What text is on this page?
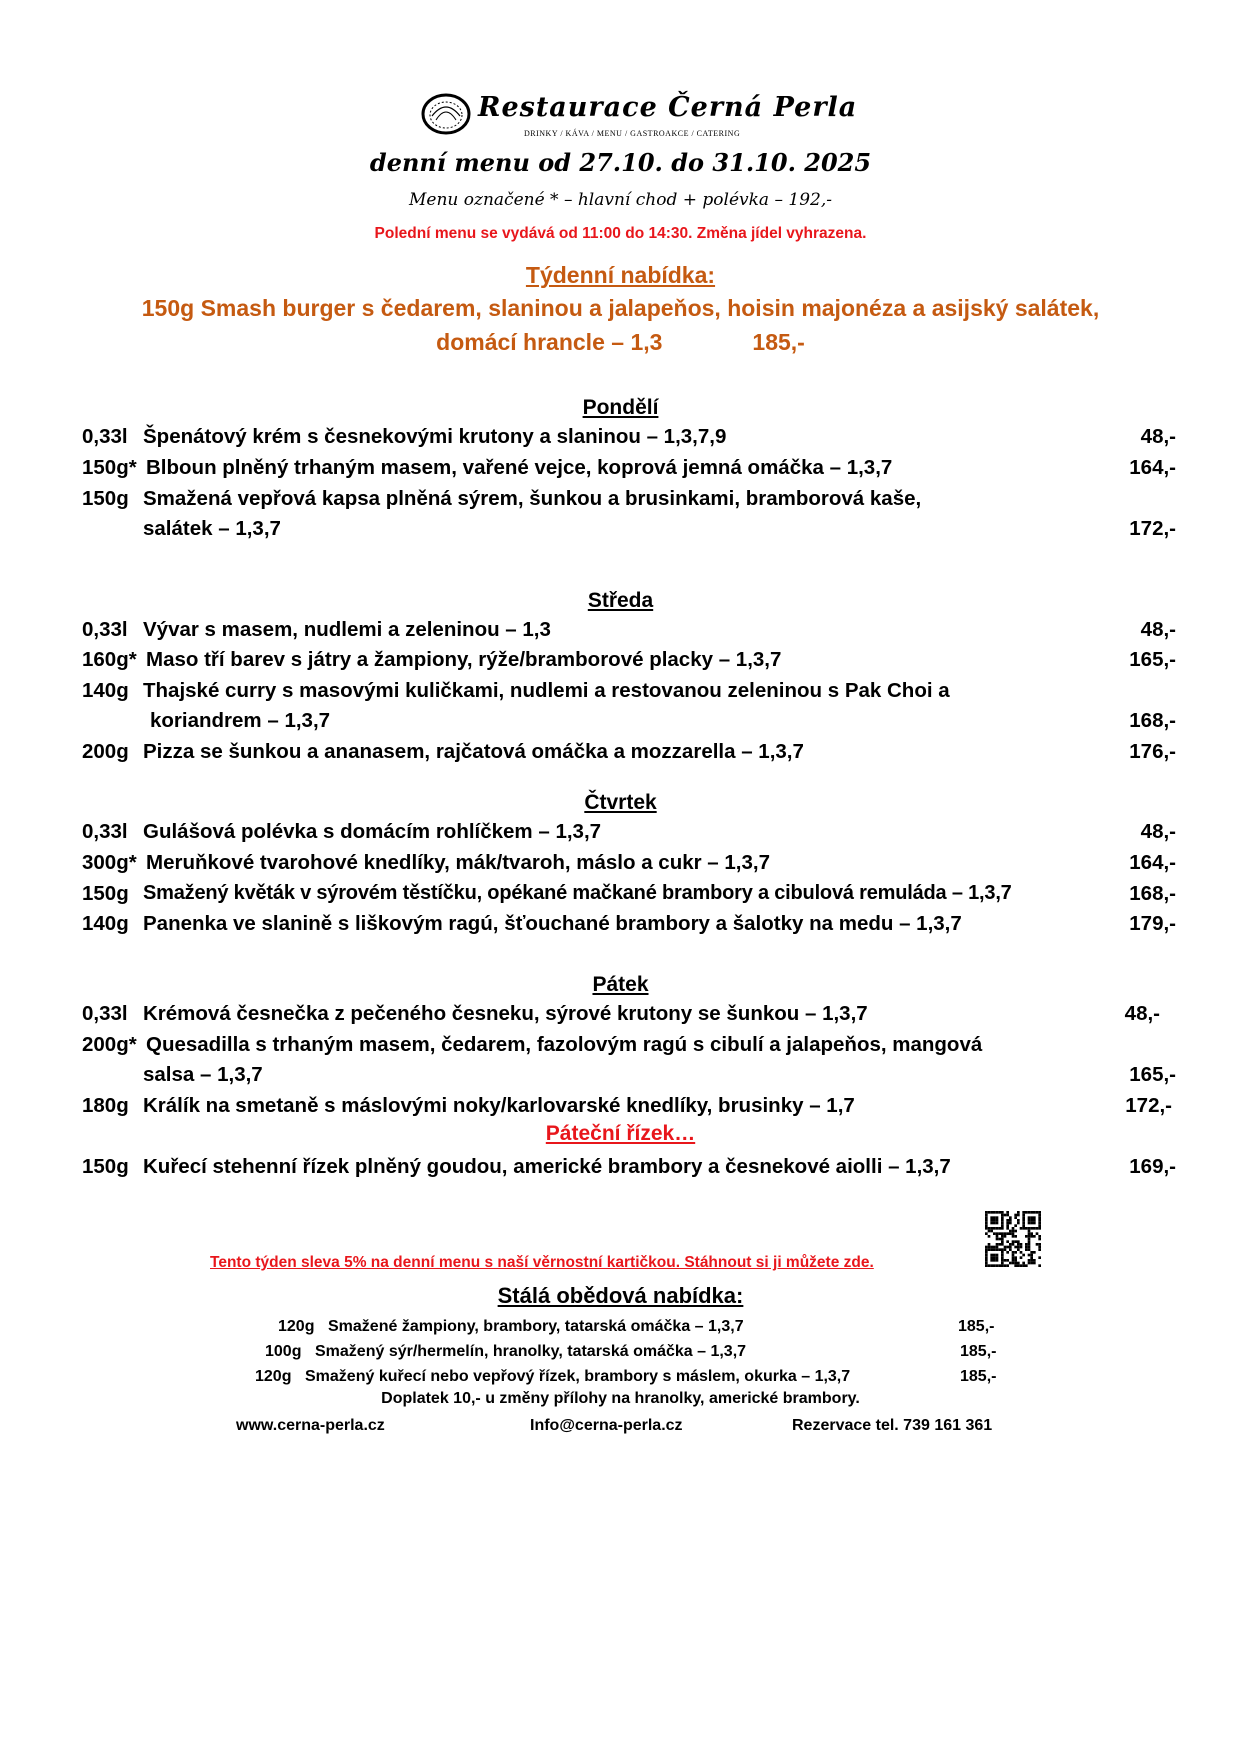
Restaurace Černá Perla
DRINKY / KÁVA / MENU / GASTROAKCE / CATERING
denní menu od 27.10. do 31.10. 2025
Menu označené * – hlavní chod + polévka – 192,-
Polední menu se vydává od 11:00 do 14:30. Změna jídel vyhrazena.
Týdenní nabídka:
150g Smash burger s čedarem, slaninou a jalapeňos, hoisin majonéza a asijský salátek,
domácí hrancle – 1,3	185,-
Pondělí
0,33l Špenátový krém s česnekovými krutony a slaninou – 1,3,7,9	48,-
150g* Blboun plněný trhaným masem, vařené vejce, koprová jemná omáčka – 1,3,7	164,-
150g Smažená vepřová kapsa plněná sýrem, šunkou a brusinkami, bramborová kaše,
salátek – 1,3,7	172,-
Středa
0,33l Vývar s masem, nudlemi a zeleninou – 1,3	48,-
160g* Maso tří barev s játry a žampiony, rýže/bramborové placky – 1,3,7	165,-
140g Thajské curry s masovými kuličkami, nudlemi a restovanou zeleninou s Pak Choi a
koriandrem – 1,3,7	168,-
200g Pizza se šunkou a ananasem, rajčatová omáčka a mozzarella – 1,3,7	176,-
Čtvrtek
0,33l Gulášová polévka s domácím rohlíčkem – 1,3,7	48,-
300g* Meruňkové tvarohové knedlíky, mák/tvaroh, máslo a cukr – 1,3,7	164,-
150g Smažený květák v sýrovém těstíčku, opékané mačkané brambory a cibulová remuláda – 1,3,7	168,-
140g Panenka ve slanině s liškovým ragú, šťouchané brambory a šalotky na medu – 1,3,7	179,-
Pátek
0,33l Krémová česnečka z pečeného česneku, sýrové krutony se šunkou – 1,3,7	48,-
200g* Quesadilla s trhaným masem, čedarem, fazolovým ragú s cibulí a jalapeňos, mangová
salsa – 1,3,7	165,-
180g Králík na smetaně s máslovými noky/karlovarské knedlíky, brusinky – 1,7	172,-
Páteční řízek…
150g Kuřecí stehenní řízek plněný goudou, americké brambory a česnekové aiolli – 1,3,7	169,-
Tento týden sleva 5% na denní menu s naší věrnostní kartičkou. Stáhnout si ji můžete zde.
Stálá obědová nabídka:
120g Smažené žampiony, brambory, tatarská omáčka – 1,3,7	185,-
100g Smažený sýr/hermelín, hranolky, tatarská omáčka – 1,3,7	185,-
120g Smažený kuřecí nebo vepřový řízek, brambory s máslem, okurka – 1,3,7	185,-
Doplatek 10,- u změny přílohy na hranolky, americké brambory.
www.cerna-perla.cz	Info@cerna-perla.cz	Rezervace tel. 739 161 361
